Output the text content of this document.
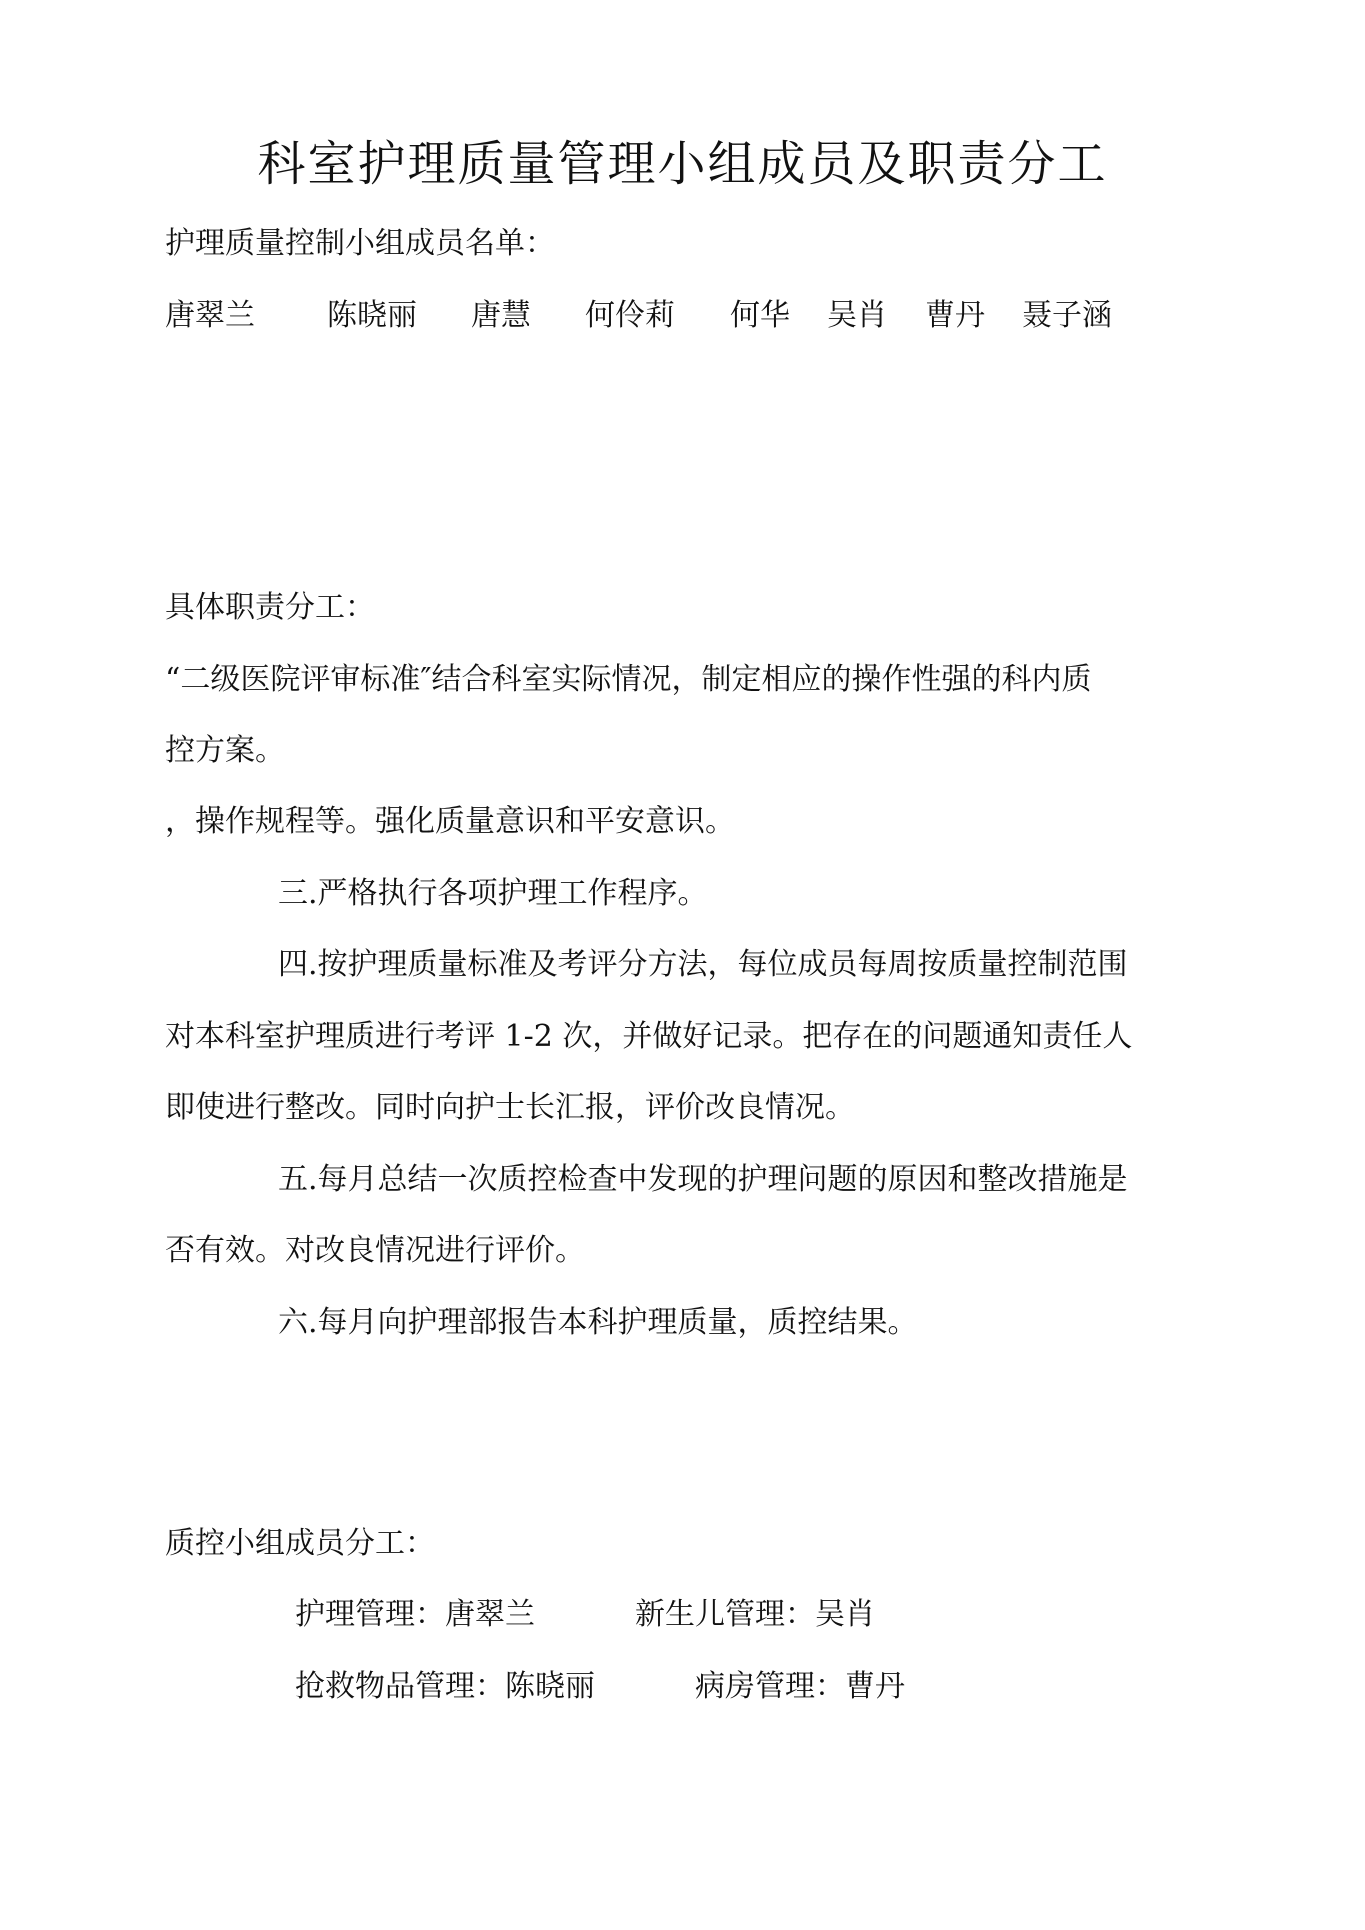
科室护理质量管理小组成员及职责分工
护理质量控制小组成员名单：
唐翠兰 陈晓丽 唐慧 何伶莉 何华 吴肖 曹丹 聂子涵
具体职责分工：
“二级医院评审标准″结合科室实际情况，制定相应的操作性强的科内质
控方案。
，操作规程等。强化质量意识和平安意识。
三.严格执行各项护理工作程序。
四.按护理质量标准及考评分方法，每位成员每周按质量控制范围
对本科室护理质进行考评 1-2 次，并做好记录。把存在的问题通知责任人
即使进行整改。同时向护士长汇报，评价改良情况。
五.每月总结一次质控检查中发现的护理问题的原因和整改措施是
否有效。对改良情况进行评价。
六.每月向护理部报告本科护理质量，质控结果。
质控小组成员分工：
护理管理：唐翠兰	新生儿管理：吴肖
抢救物品管理：陈晓丽	病房管理：曹丹
